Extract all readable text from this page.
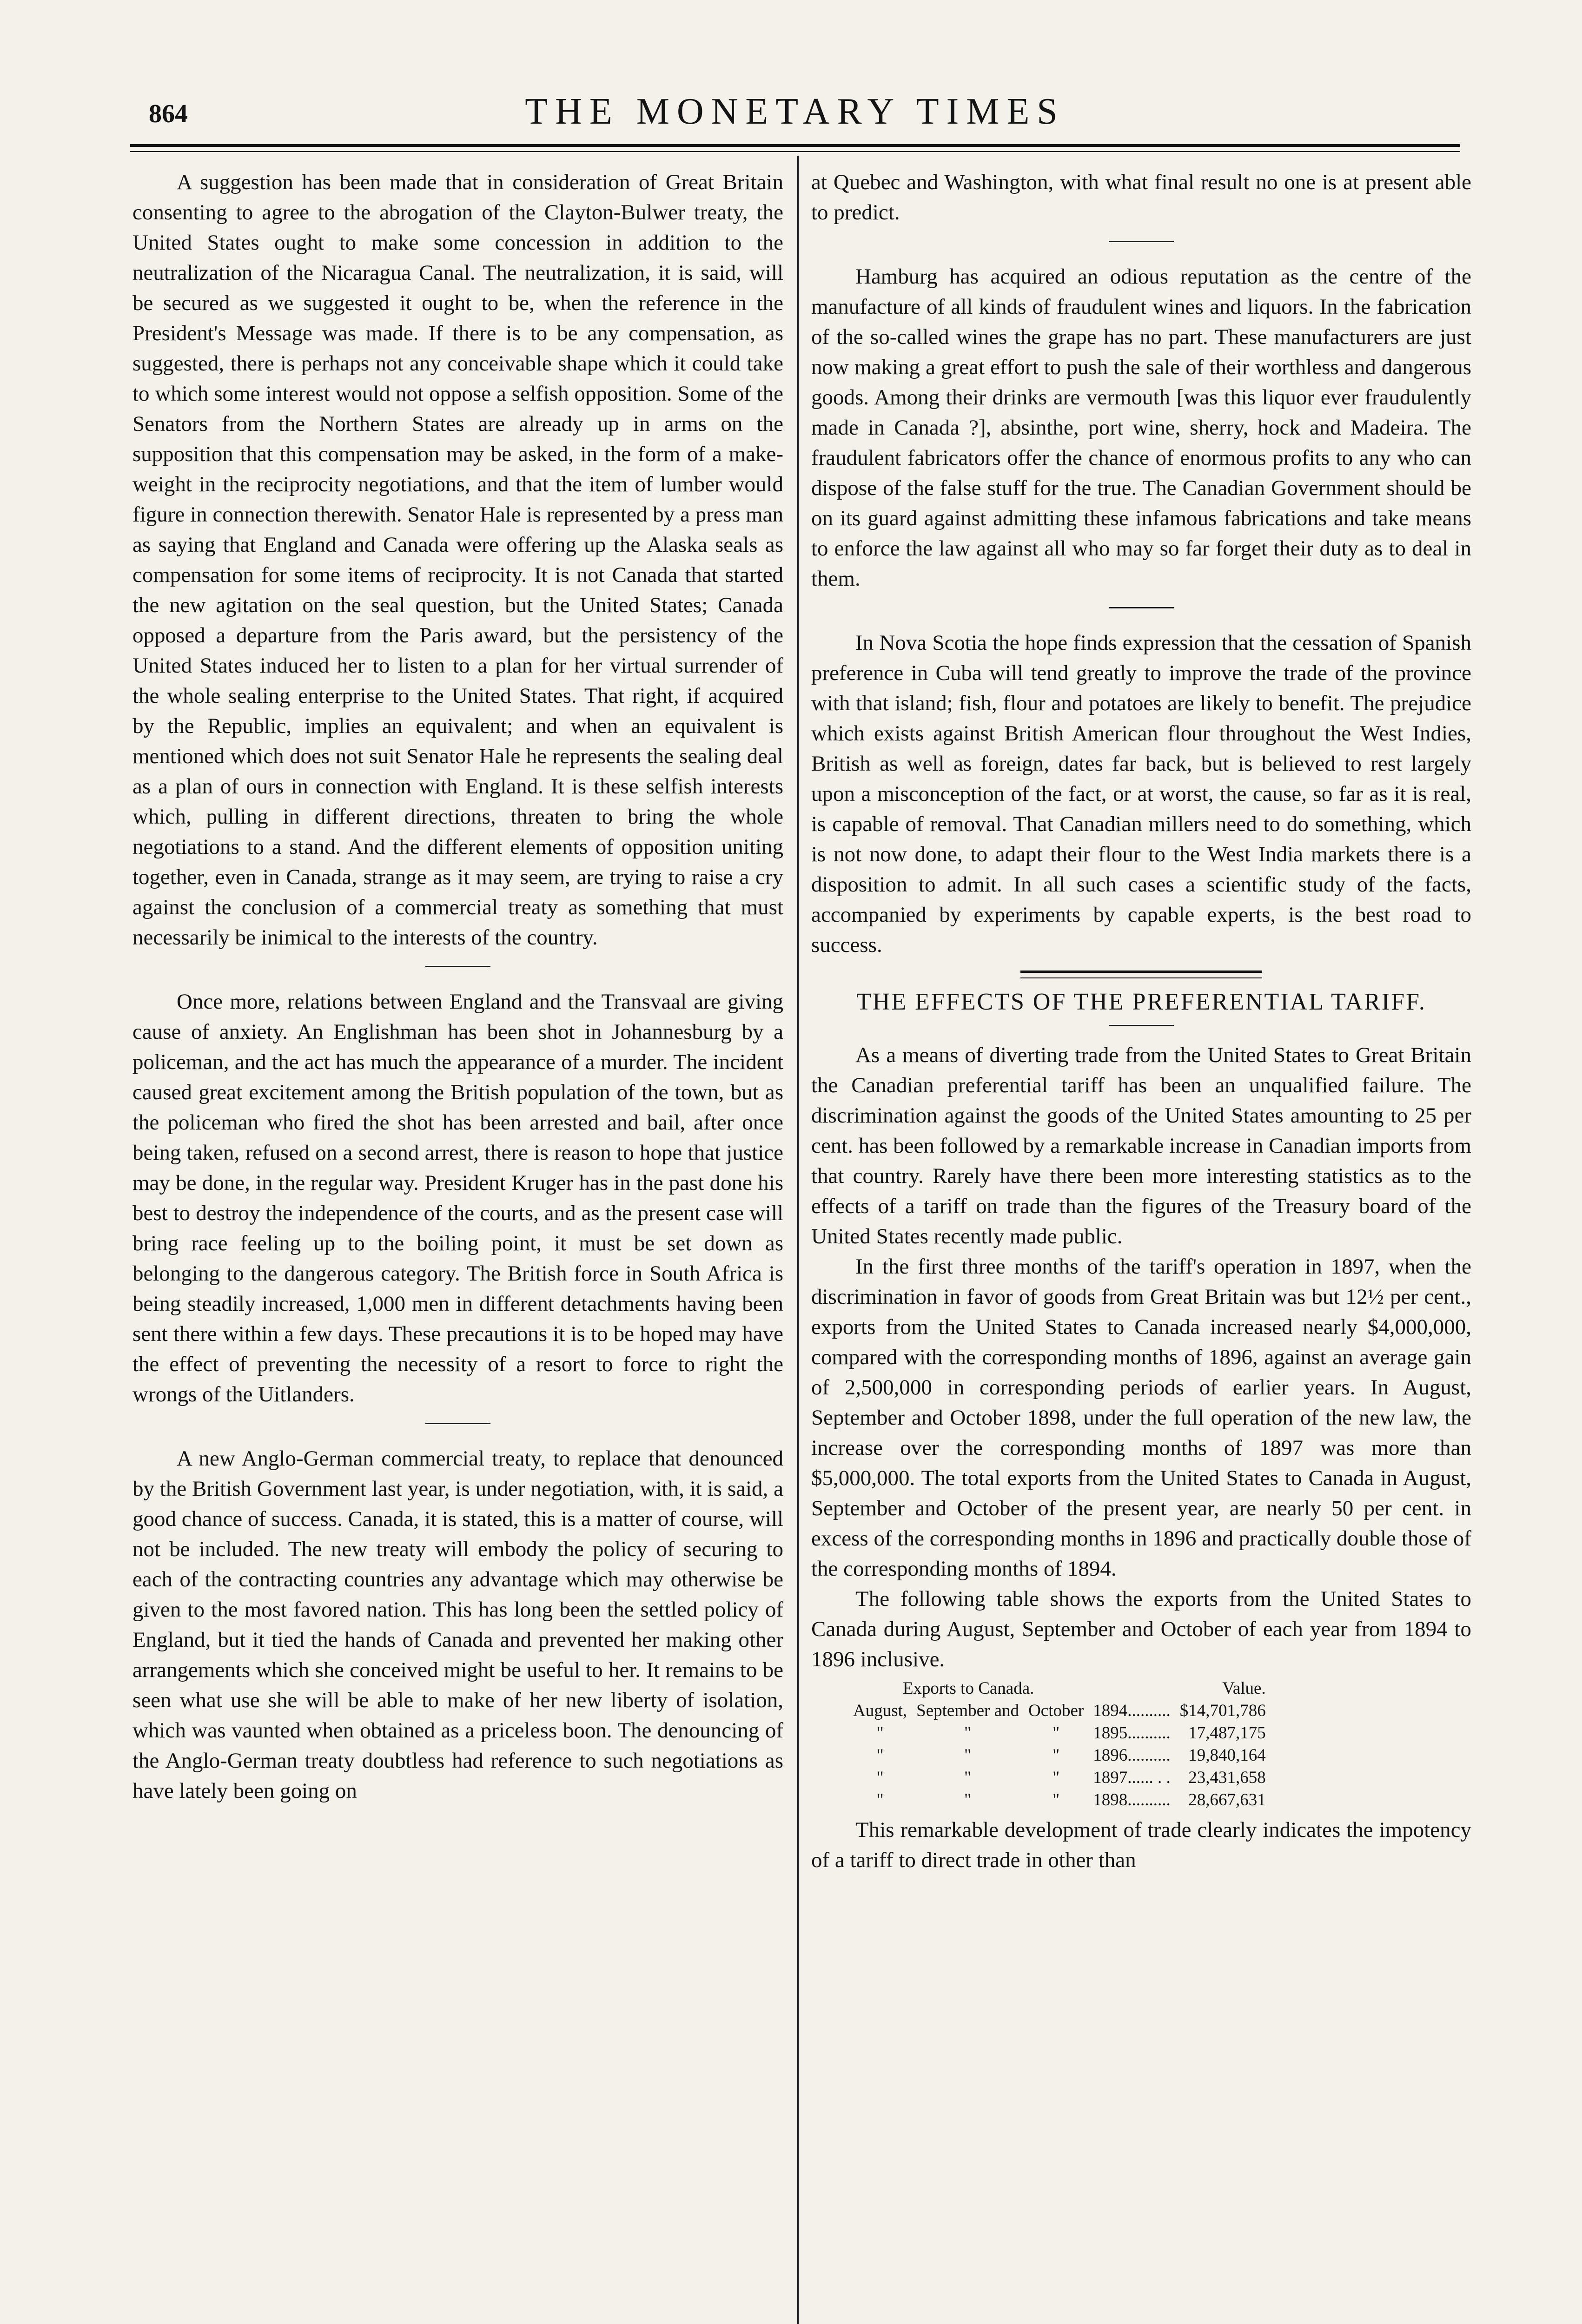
864	THE MONETARY TIMES

A suggestion has been made that in consideration of Great Britain consenting to agree to the abrogation of the Clayton-Bulwer treaty, the United States ought to make some concession in addition to the neutralization of the Nicaragua Canal. The neutralization, it is said, will be secured as we suggested it ought to be, when the reference in the President's Message was made. If there is to be any compensation, as suggested, there is perhaps not any conceivable shape which it could take to which some interest would not oppose a selfish opposition. Some of the Senators from the Northern States are already up in arms on the supposition that this compensation may be asked, in the form of a make-weight in the reciprocity negotiations, and that the item of lumber would figure in connection therewith. Senator Hale is represented by a press man as saying that England and Canada were offering up the Alaska seals as compensation for some items of reciprocity. It is not Canada that started the new agitation on the seal question, but the United States; Canada opposed a departure from the Paris award, but the persistency of the United States induced her to listen to a plan for her virtual surrender of the whole sealing enterprise to the United States. That right, if acquired by the Republic, implies an equivalent; and when an equivalent is mentioned which does not suit Senator Hale he represents the sealing deal as a plan of ours in connection with England. It is these selfish interests which, pulling in different directions, threaten to bring the whole negotiations to a stand. And the different elements of opposition uniting together, even in Canada, strange as it may seem, are trying to raise a cry against the conclusion of a commercial treaty as something that must necessarily be inimical to the interests of the country.

Once more, relations between England and the Transvaal are giving cause of anxiety. An Englishman has been shot in Johannesburg by a policeman, and the act has much the appearance of a murder. The incident caused great excitement among the British population of the town, but as the policeman who fired the shot has been arrested and bail, after once being taken, refused on a second arrest, there is reason to hope that justice may be done, in the regular way. President Kruger has in the past done his best to destroy the independence of the courts, and as the present case will bring race feeling up to the boiling point, it must be set down as belonging to the dangerous category. The British force in South Africa is being steadily increased, 1,000 men in different detachments having been sent there within a few days. These precautions it is to be hoped may have the effect of preventing the necessity of a resort to force to right the wrongs of the Uitlanders.

A new Anglo-German commercial treaty, to replace that denounced by the British Government last year, is under negotiation, with, it is said, a good chance of success. Canada, it is stated, this is a matter of course, will not be included. The new treaty will embody the policy of securing to each of the contracting countries any advantage which may otherwise be given to the most favored nation. This has long been the settled policy of England, but it tied the hands of Canada and prevented her making other arrangements which she conceived might be useful to her. It remains to be seen what use she will be able to make of her new liberty of isolation, which was vaunted when obtained as a priceless boon. The denouncing of the Anglo-German treaty doubtless had reference to such negotiations as have lately been going on

at Quebec and Washington, with what final result no one is at present able to predict.

Hamburg has acquired an odious reputation as the centre of the manufacture of all kinds of fraudulent wines and liquors. In the fabrication of the so-called wines the grape has no part. These manufacturers are just now making a great effort to push the sale of their worthless and dangerous goods. Among their drinks are vermouth [was this liquor ever fraudulently made in Canada ?], absinthe, port wine, sherry, hock and Madeira. The fraudulent fabricators offer the chance of enormous profits to any who can dispose of the false stuff for the true. The Canadian Government should be on its guard against admitting these infamous fabrications and take means to enforce the law against all who may so far forget their duty as to deal in them.

In Nova Scotia the hope finds expression that the cessation of Spanish preference in Cuba will tend greatly to improve the trade of the province with that island; fish, flour and potatoes are likely to benefit. The prejudice which exists against British American flour throughout the West Indies, British as well as foreign, dates far back, but is believed to rest largely upon a misconception of the fact, or at worst, the cause, so far as it is real, is capable of removal. That Canadian millers need to do something, which is not now done, to adapt their flour to the West India markets there is a disposition to admit. In all such cases a scientific study of the facts, accompanied by experiments by capable experts, is the best road to success.

THE EFFECTS OF THE PREFERENTIAL TARIFF.

As a means of diverting trade from the United States to Great Britain the Canadian preferential tariff has been an unqualified failure. The discrimination against the goods of the United States amounting to 25 per cent. has been followed by a remarkable increase in Canadian imports from that country. Rarely have there been more interesting statistics as to the effects of a tariff on trade than the figures of the Treasury board of the United States recently made public.

In the first three months of the tariff's operation in 1897, when the discrimination in favor of goods from Great Britain was but 12½ per cent., exports from the United States to Canada increased nearly $4,000,000, compared with the corresponding months of 1896, against an average gain of 2,500,000 in corresponding periods of earlier years. In August, September and October 1898, under the full operation of the new law, the increase over the corresponding months of 1897 was more than $5,000,000. The total exports from the United States to Canada in August, September and October of the present year, are nearly 50 per cent. in excess of the corresponding months in 1896 and practically double those of the corresponding months of 1894.

The following table shows the exports from the United States to Canada during August, September and October of each year from 1894 to 1896 inclusive.

Exports to Canada.				Value.
August,	September and	October	1894..........	$14,701,786
"	"	"	1895..........	17,487,175
"	"	"	1896..........	19,840,164
"	"	"	1897...... . .	23,431,658
"	"	"	1898..........	28,667,631

This remarkable development of trade clearly indicates the impotency of a tariff to direct trade in other than
